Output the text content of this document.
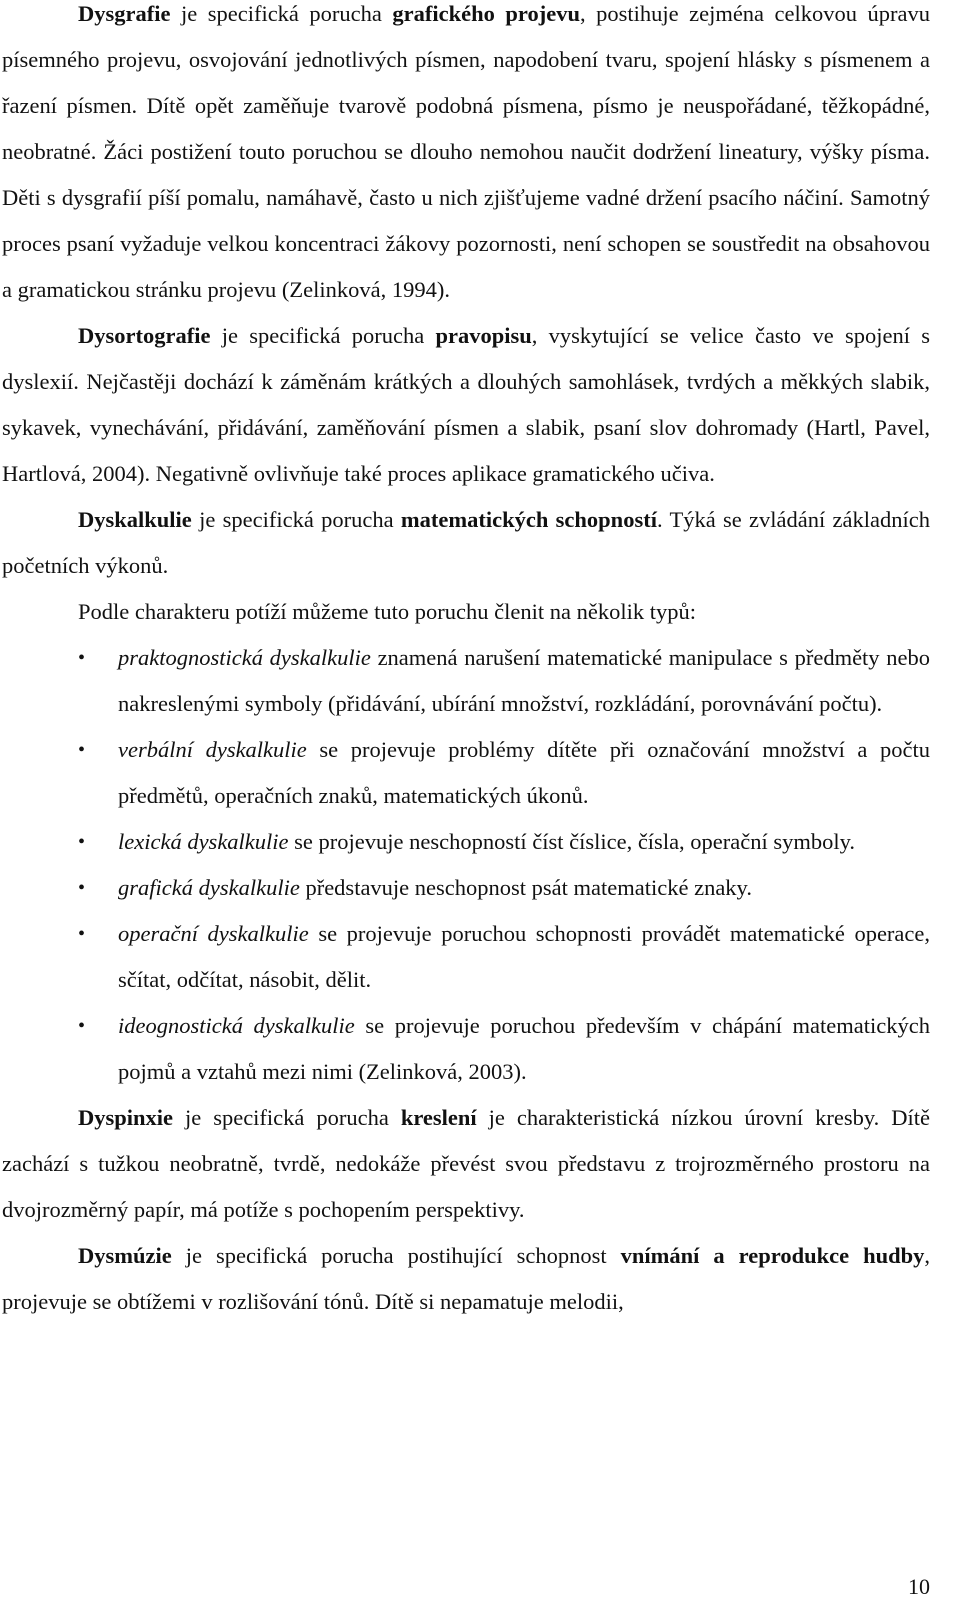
Dysgrafie je specifická porucha grafického projevu, postihuje zejména celkovou úpravu písemného projevu, osvojování jednotlivých písmen, napodobení tvaru, spojení hlásky s písmenem a řazení písmen. Dítě opět zaměňuje tvarově podobná písmena, písmo je neuspořádané, těžkopádné, neobratné. Žáci postižení touto poruchou se dlouho nemohou naučit dodržení lineatury, výšky písma. Děti s dysgrafií píší pomalu, namáhavě, často u nich zjišťujeme vadné držení psacího náčiní. Samotný proces psaní vyžaduje velkou koncentraci žákovy pozornosti, není schopen se soustředit na obsahovou a gramatickou stránku projevu (Zelinková, 1994).

Dysortografie je specifická porucha pravopisu, vyskytující se velice často ve spojení s dyslexií. Nejčastěji dochází k záměnám krátkých a dlouhých samohlásek, tvrdých a měkkých slabik, sykavek, vynechávání, přidávání, zaměňování písmen a slabik, psaní slov dohromady (Hartl, Pavel, Hartlová, 2004). Negativně ovlivňuje také proces aplikace gramatického učiva.

Dyskalkulie je specifická porucha matematických schopností. Týká se zvládání základních početních výkonů.

Podle charakteru potíží můžeme tuto poruchu členit na několik typů:

• praktognostická dyskalkulie znamená narušení matematické manipulace s předměty nebo nakreslenými symboly (přidávání, ubírání množství, rozkládání, porovnávání počtu).
• verbální dyskalkulie se projevuje problémy dítěte při označování množství a počtu předmětů, operačních znaků, matematických úkonů.
• lexická dyskalkulie se projevuje neschopností číst číslice, čísla, operační symboly.
• grafická dyskalkulie představuje neschopnost psát matematické znaky.
• operační dyskalkulie se projevuje poruchou schopnosti provádět matematické operace, sčítat, odčítat, násobit, dělit.
• ideognostická dyskalkulie se projevuje poruchou především v chápání matematických pojmů a vztahů mezi nimi (Zelinková, 2003).

Dyspinxie je specifická porucha kreslení je charakteristická nízkou úrovní kresby. Dítě zachází s tužkou neobratně, tvrdě, nedokáže převést svou představu z trojrozměrného prostoru na dvojrozměrný papír, má potíže s pochopením perspektivy.

Dysmúzie je specifická porucha postihující schopnost vnímání a reprodukce hudby, projevuje se obtížemi v rozlišování tónů. Dítě si nepamatuje melodii,

10
